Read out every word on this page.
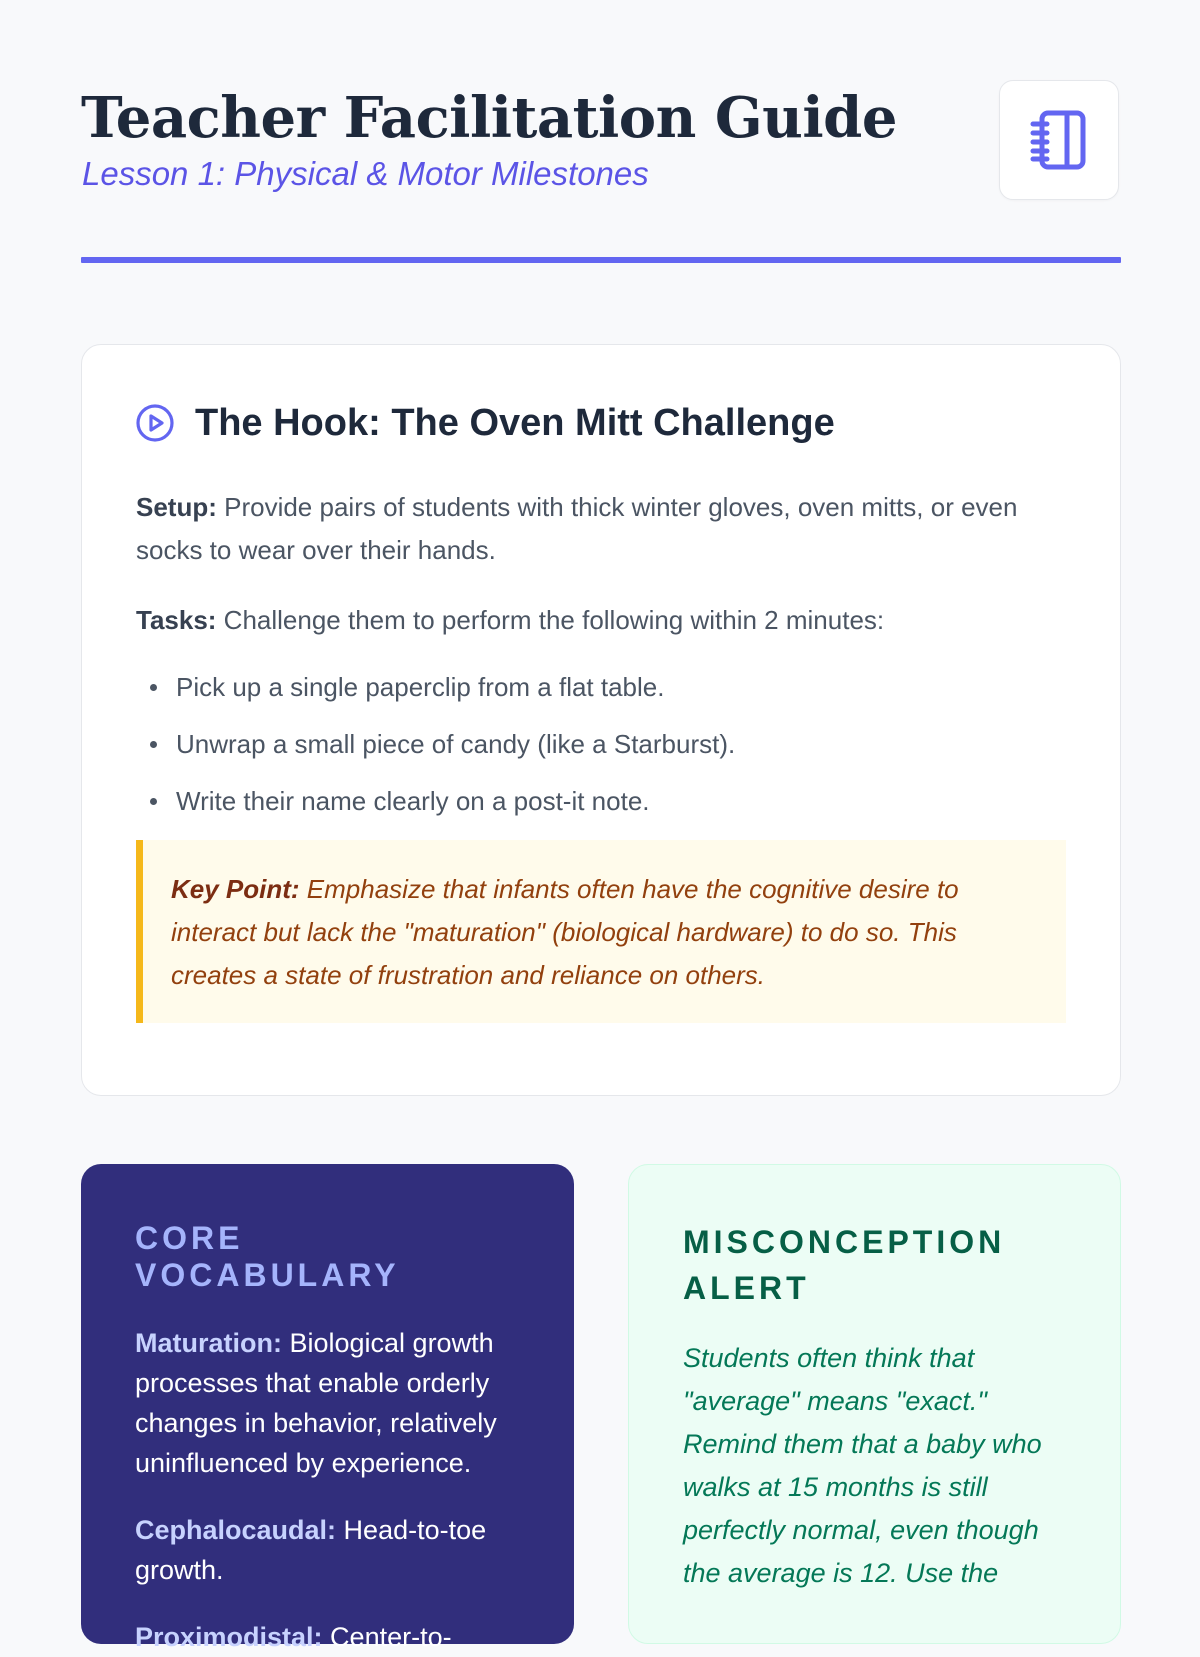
Teacher Facilitation Guide

Lesson 1: Physical & Motor Milestones

The Hook: The Oven Mitt Challenge

Setup: Provide pairs of students with thick winter gloves, oven mitts, or even socks to wear over their hands.

Tasks: Challenge them to perform the following within 2 minutes:

Pick up a single paperclip from a flat table.
Unwrap a small piece of candy (like a Starburst).
Write their name clearly on a post-it note.
Key Point: Emphasize that infants often have the cognitive desire to interact but lack the "maturation" (biological hardware) to do so. This creates a state of frustration and reliance on others.
CORE VOCABULARY

Maturation: Biological growth processes that enable orderly changes in behavior, relatively uninfluenced by experience.

Cephalocaudal: Head-to-toe growth.

Proximodistal: Center-to-

MISCONCEPTION ALERT

Students often think that "average" means "exact." Remind them that a baby who walks at 15 months is still perfectly normal, even though the average is 12. Use the
